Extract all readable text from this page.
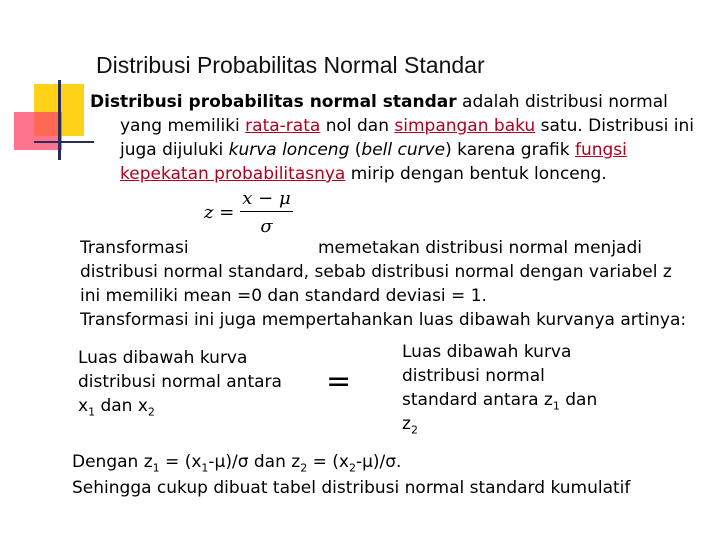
Distribusi Probabilitas Normal Standar
Distribusi probabilitas normal standar adalah distribusi normal
yang memiliki rata-rata nol dan simpangan baku satu. Distribusi ini
juga dijuluki kurva lonceng (bell curve) karena grafik fungsi
kepekatan probabilitasnya mirip dengan bentuk lonceng.
$z = \frac{x - \mu}{\sigma}$
Transformasi	memetakan distribusi normal menjadi
distribusi normal standard, sebab distribusi normal dengan variabel z
ini memiliki mean =0 dan standard deviasi = 1.
Transformasi ini juga mempertahankan luas dibawah kurvanya artinya:
Luas dibawah kurva
distribusi normal antara
$x_1$ dan $x_2$
=
Luas dibawah kurva
distribusi normal
standard antara $z_1$ dan
$z_2$
Dengan $z_1 = (x_1-\mu)/\sigma$ dan $z_2 = (x_2-\mu)/\sigma$.
Sehingga cukup dibuat tabel distribusi normal standard kumulatif
